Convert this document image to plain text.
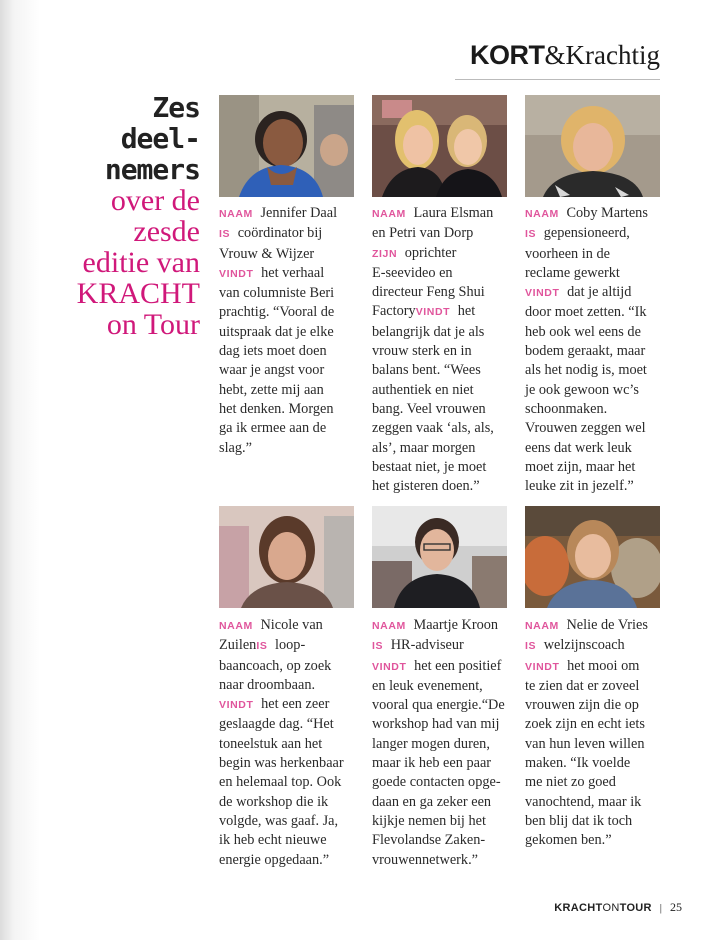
KORT&Krachtig
Zes
deel-
nemers
over de
zesde
editie van
KRACHT
on Tour

NAAM Jennifer Daal

IS coördinator bij

Vrouw & Wijzer

VINDT het verhaal

van columniste Beri

prachtig. “Vooral de

uitspraak dat je elke

dag iets moet doen

waar je angst voor

hebt, zette mij aan

het denken. Morgen

ga ik ermee aan de

slag.”

NAAM Laura Elsman

en Petri van Dorp

ZIJN oprichter

E-seevideo en

directeur Feng Shui

FactoryVINDT het

belangrijk dat je als

vrouw sterk en in

balans bent. “Wees

authentiek en niet

bang. Veel vrouwen

zeggen vaak ‘als, als,

als’, maar morgen

bestaat niet, je moet

het gisteren doen.”

NAAM Coby Martens

IS gepensioneerd,

voorheen in de

reclame gewerkt

VINDT dat je altijd

door moet zetten. “Ik

heb ook wel eens de

bodem geraakt, maar

als het nodig is, moet

je ook gewoon wc’s

schoonmaken.

Vrouwen zeggen wel

eens dat werk leuk

moet zijn, maar het

leuke zit in jezelf.”

NAAM Nicole van

ZuilenIS loop-

baancoach, op zoek

naar droombaan.

VINDT het een zeer

geslaagde dag. “Het

toneelstuk aan het

begin was herkenbaar

en helemaal top. Ook

de workshop die ik

volgde, was gaaf. Ja,

ik heb echt nieuwe

energie opgedaan.”

NAAM Maartje Kroon

IS HR-adviseur

VINDT het een positief

en leuk evenement,

vooral qua energie.“De

workshop had van mij

langer mogen duren,

maar ik heb een paar

goede contacten opge-

daan en ga zeker een

kijkje nemen bij het

Flevolandse Zaken-

vrouwennetwerk.”

NAAM Nelie de Vries

IS welzijnscoach

VINDT het mooi om

te zien dat er zoveel

vrouwen zijn die op

zoek zijn en echt iets

van hun leven willen

maken. “Ik voelde

me niet zo goed

vanochtend, maar ik

ben blij dat ik toch

gekomen ben.”

KRACHTONTOUR | 25
